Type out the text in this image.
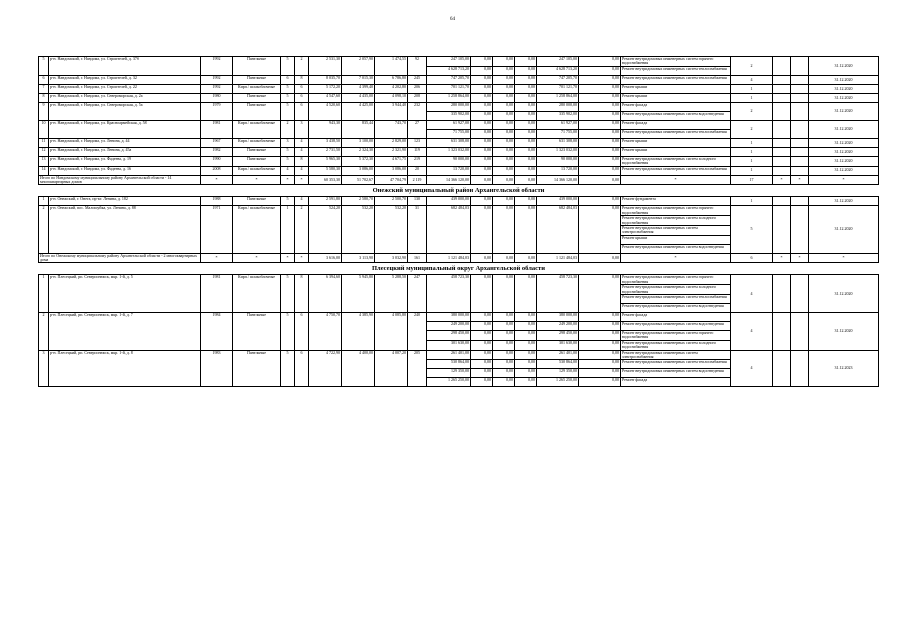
64
5	р-н. Нандомский, г. Нандома, ул. Строителей, д. 37б	1992	Панельные	5	2	2 531,30	2 057,90	1 474,55	92	247 105,00	0,00	0,00	0,00	247 105,00	0,00	Ремонт внутридомовых инженерных систем горячего водоснабжения	2			31.12.2020
										4 628 713,20	0,00	0,00	0,00	4 628 713,20	0,00	Ремонт внутридомовых инженерных систем теплоснабжения				
6	р-н. Нандомский, г. Нандома, ул. Строителей, д. 32	1992	Панельные	6	8	8 035,70	7 015,30	6 786,80	245	747 205,70	0,00	0,00	0,00	747 205,70	0,00	Ремонт внутридомовых инженерных систем теплоснабжения	4			31.12.2020
7	р-н. Нандомский, г. Нандома, ул. Строителей, д. 22	1992	Кирп./ шлакоблочные	5	6	5 172,20	4 399,40	4 202,80	206	701 121,70	0,00	0,00	0,00	701 121,70	0,00	Ремонт крыши	1			31.12.2020
8	р-н. Нандомский, г. Нандома, ул. Североморская, д. 2а	1980	Панельные	5	6	4 547,60	4 435,00	4 098,10	208	1 258 864,00	0,00	0,00	0,00	1 258 864,00	0,00	Ремонт крыши	1			31.12.2020
9	р-н. Нандомский, г. Нандома, ул. Североморская, д. 5а	1979	Панельные	5	6	4 520,60	4 425,00	3 944,40	232	280 000,00	0,00	0,00	0,00	280 000,00	0,00	Ремонт фасада	2			31.12.2020
										335 902,00	0,00	0,00	0,00	335 902,00	0,00	Ремонт внутридомовых инженерных систем водоотведения				
10	р-н. Нандомский, г. Нандома, ул. Красноармейская, д. 58	1981	Кирп./ шлакоблочные	2	3	943,30	835,44	743,70	27	61 927,00	0,00	0,00	0,00	61 927,00	0,00	Ремонт фасада	2			31.12.2020
										71 755,00	0,00	0,00	0,00	71 755,00	0,00	Ремонт внутридомовых инженерных систем теплоснабжения				
11	р-н. Нандомский, г. Нандома, ул. Ленина, д. 44	1967	Кирп./ шлакоблочные	3	4	3 438,50	3 100,00	2 829,00	123	631 308,00	0,00	0,00	0,00	631 308,00	0,00	Ремонт крыши	1			31.12.2020
12	р-н. Нандомский, г. Нандома, ул. Ленина, д. 45а	1982	Панельные	5	4	2 731,50	2 324,30	2 321,90	119	1 323 032,00	0,00	0,00	0,00	1 323 032,00	0,00	Ремонт крыши	1			31.12.2020
13	р-н. Нандомский, г. Нандома, ул. Фадеева, д. 19	1990	Панельные	5	8	5 965,30	5 372,30	4 671,75	219	90 000,00	0,00	0,00	0,00	90 000,00	0,00	Ремонт внутридомовых инженерных систем холодного водоснабжения	1			31.12.2020
14	р-н. Нандомский, г. Нандома, ул. Фадеева, д. 16	2008	Кирп./ шлакоблочные	4	4	5 580,30	3 086,00	3 086,00	20	13 720,00	0,00	0,00	0,00	13 720,00	0,00	Ремонт внутридомовых инженерных систем теплоснабжения	1			31.12.2020
Итого по Нандомскому муниципальному району Архангельской области - 14 многоквартирных домов		*	*	*	*	60 353,30	51 702,67	47 704,79	2 119	14 366 120,00	0,00	0,00	0,00	14 366 120,00	0,00	*	17	*	*	*
Онежский муниципальный район Архангельской области																				
1	р-н. Онежский, г. Онега, пр-кт. Ленина, д. 182	1988	Панельные	5	4	2 591,80	2 580,70	2 500,70	130	439 000,00	0,00	0,00	0,00	439 000,00	0,00	Ремонт фундамента	1			31.12.2020
2	р-н. Онежский, пос. Малошуйка, ул. Ленина, д. 88	1971	Кирп./ шлакоблочные	1	2	524,20	532,20	532,20	31	682 484,03	0,00	0,00	0,00	682 484,03	0,00	Ремонт внутридомовых инженерных систем горячего водоснабжения	5			31.12.2020
																Ремонт внутридомовых инженерных систем холодного водоснабжения				
																Ремонт внутридомовых инженерных систем электроснабжения				
																Ремонт крыши				
																Ремонт внутридомовых инженерных систем водоотведения				
Итого по Онежскому муниципальному району Архангельской области - 2 многоквартирных дома		*	*	*	*	3 616,00	3 113,90	3 032,90	161	1 121 484,03	0,00	0,00	0,00	1 121 484,03	0,00	*	6	*	*	*
Плесецкий муниципальный округ Архангельской области																				
1	р-н. Плесецкий, рп. Североонежск, мкр. 1-й, д. 5	1981	Кирп./ шлакоблочные	5	8	6 394,60	5 945,80	5 288,50	247	458 723,30	0,00	0,00	0,00	458 723,30	0,00	Ремонт внутридомовых инженерных систем горячего водоснабжения	4			31.12.2020
																Ремонт внутридомовых инженерных систем холодного водоснабжения				
																Ремонт внутридомовых инженерных систем теплоснабжения				
																Ремонт внутридомовых инженерных систем водоотведения				
2	р-н. Плесецкий, рп. Североонежск, мкр. 1-й, д. 7	1984	Панельные	5	6	4 750,70	4 385,90	4 085,80	240	380 000,00	0,00	0,00	0,00	380 000,00	0,00	Ремонт фасада	4			31.12.2020
										249 200,00	0,00	0,00	0,00	249 200,00	0,00	Ремонт внутридомовых инженерных систем водоотведения				
										298 450,00	0,00	0,00	0,00	298 450,00	0,00	Ремонт внутридомовых инженерных систем горячего водоснабжения				
										301 630,00	0,00	0,00	0,00	301 630,00	0,00	Ремонт внутридомовых инженерных систем холодного водоснабжения				
3	р-н. Плесецкий, рп. Североонежск, мкр. 1-й, д. 8	1983	Панельные	5	6	4 722,90	4 400,00	4 007,20	205	261 401,00	0,00	0,00	0,00	261 401,00	0,00	Ремонт внутридомовых инженерных систем электроснабжения	4			31.12.2023
										530 864,00	0,00	0,00	0,00	530 864,00	0,00	Ремонт внутридомовых инженерных систем теплоснабжения				
										129 350,00	0,00	0,00	0,00	129 350,00	0,00	Ремонт внутридомовых инженерных систем водоотведения				
										1 265 250,00	0,00	0,00	0,00	1 265 250,00	0,00	Ремонт фасада				
